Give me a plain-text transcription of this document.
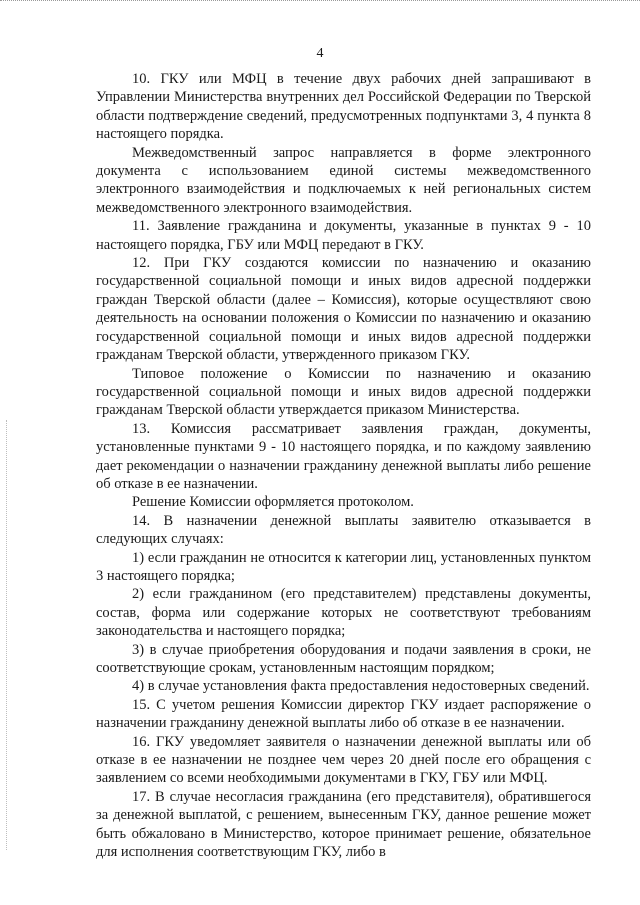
4

10. ГКУ или МФЦ в течение двух рабочих дней запрашивают в Управлении Министерства внутренних дел Российской Федерации по Тверской области подтверждение сведений, предусмотренных подпунктами 3, 4 пункта 8 настоящего порядка.

Межведомственный запрос направляется в форме электронного документа с использованием единой системы межведомственного электронного взаимодействия и подключаемых к ней региональных систем межведомственного электронного взаимодействия.

11. Заявление гражданина и документы, указанные в пунктах 9 - 10 настоящего порядка, ГБУ или МФЦ передают в ГКУ.

12. При ГКУ создаются комиссии по назначению и оказанию государственной социальной помощи и иных видов адресной поддержки граждан Тверской области (далее – Комиссия), которые осуществляют свою деятельность на основании положения о Комиссии по назначению и оказанию государственной социальной помощи и иных видов адресной поддержки гражданам Тверской области, утвержденного приказом ГКУ.

Типовое положение о Комиссии по назначению и оказанию государственной социальной помощи и иных видов адресной поддержки гражданам Тверской области утверждается приказом Министерства.

13. Комиссия рассматривает заявления граждан, документы, установленные пунктами 9 - 10 настоящего порядка, и по каждому заявлению дает рекомендации о назначении гражданину денежной выплаты либо решение об отказе в ее назначении.

Решение Комиссии оформляется протоколом.

14. В назначении денежной выплаты заявителю отказывается в следующих случаях:

1) если гражданин не относится к категории лиц, установленных пунктом 3 настоящего порядка;

2) если гражданином (его представителем) представлены документы, состав, форма или содержание которых не соответствуют требованиям законодательства и настоящего порядка;

3) в случае приобретения оборудования и подачи заявления в сроки, не соответствующие срокам, установленным настоящим порядком;

4) в случае установления факта предоставления недостоверных сведений.

15. С учетом решения Комиссии директор ГКУ издает распоряжение о назначении гражданину денежной выплаты либо об отказе в ее назначении.

16. ГКУ уведомляет заявителя о назначении денежной выплаты или об отказе в ее назначении не позднее чем через 20 дней после его обращения с заявлением со всеми необходимыми документами в ГКУ, ГБУ или МФЦ.

17. В случае несогласия гражданина (его представителя), обратившегося за денежной выплатой, с решением, вынесенным ГКУ, данное решение может быть обжаловано в Министерство, которое принимает решение, обязательное для исполнения соответствующим ГКУ, либо в
